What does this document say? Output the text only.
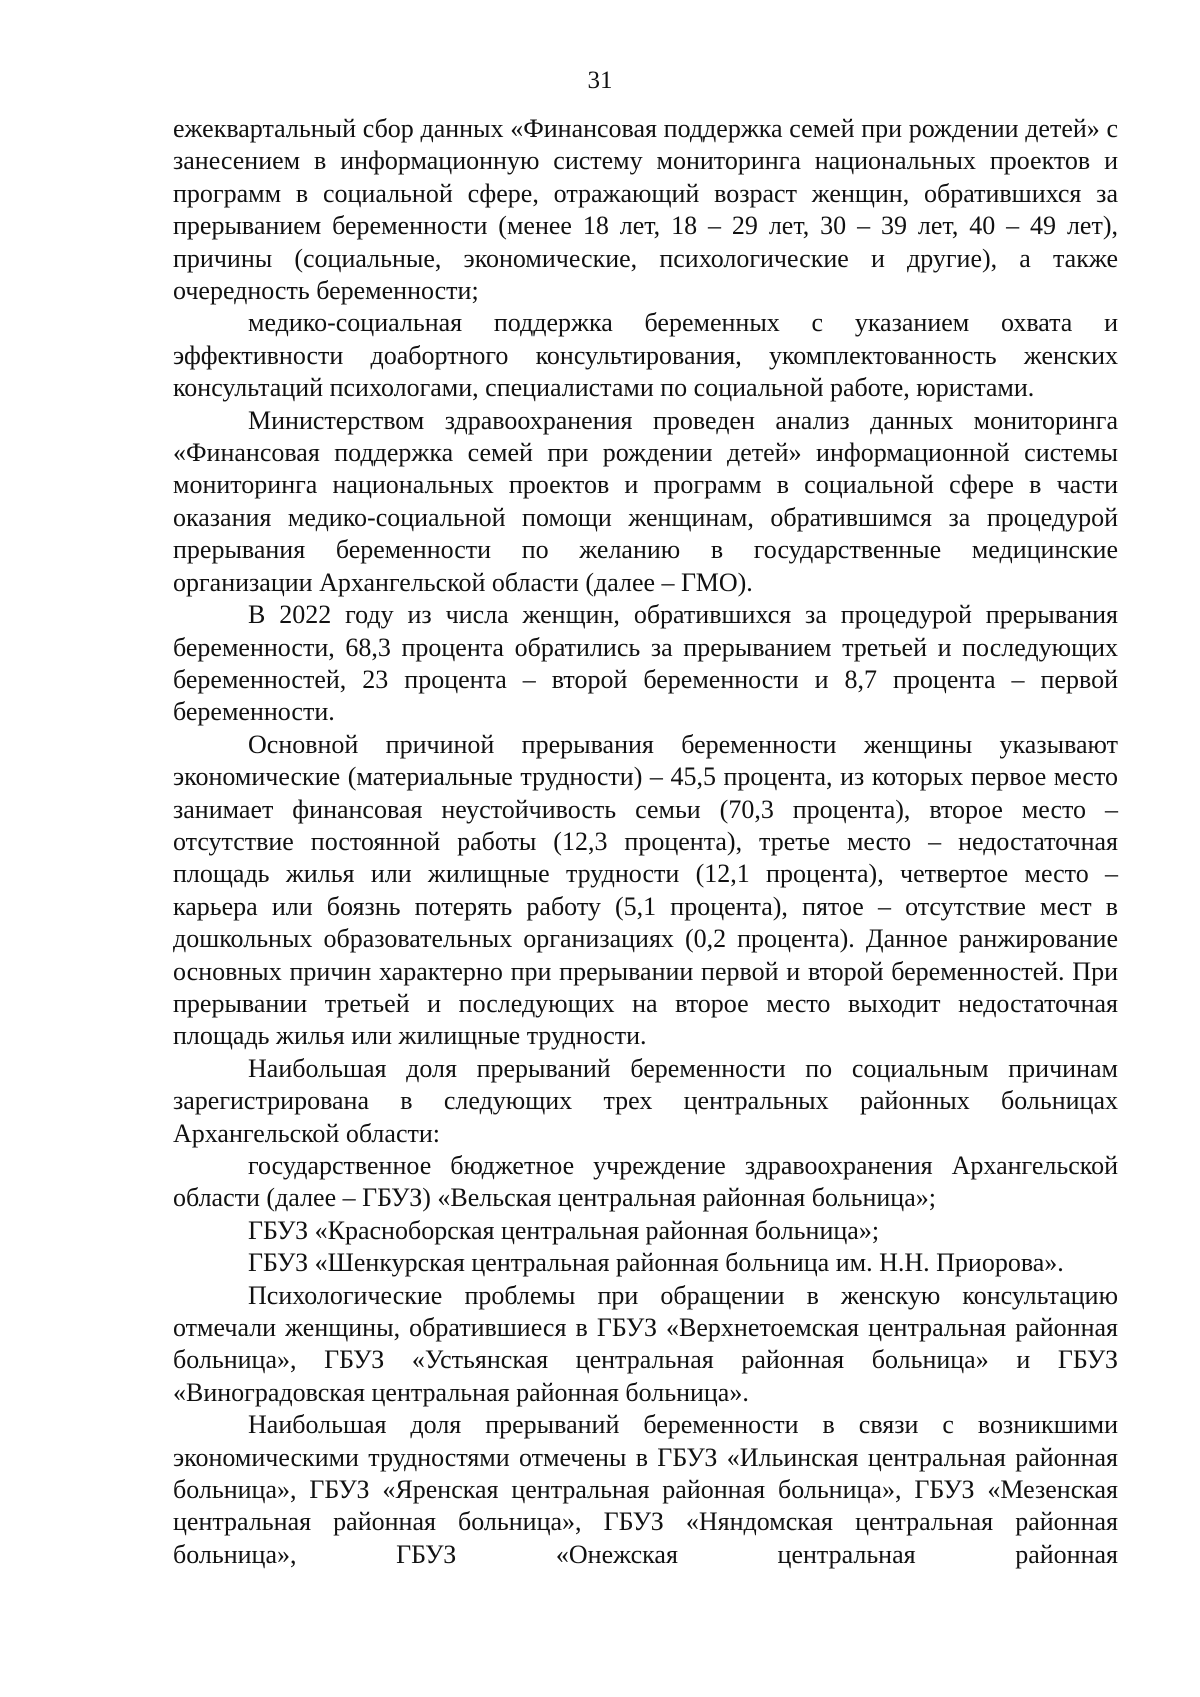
31

ежеквартальный сбор данных «Финансовая поддержка семей при рождении детей» с занесением в информационную систему мониторинга национальных проектов и программ в социальной сфере, отражающий возраст женщин, обратившихся за прерыванием беременности (менее 18 лет, 18 – 29 лет, 30 – 39 лет, 40 – 49 лет), причины (социальные, экономические, психологические и другие), а также очередность беременности;

медико-социальная поддержка беременных с указанием охвата и эффективности доабортного консультирования, укомплектованность женских консультаций психологами, специалистами по социальной работе, юристами.

Министерством здравоохранения проведен анализ данных мониторинга «Финансовая поддержка семей при рождении детей» информационной системы мониторинга национальных проектов и программ в социальной сфере в части оказания медико-социальной помощи женщинам, обратившимся за процедурой прерывания беременности по желанию в государственные медицинские организации Архангельской области (далее – ГМО).

В 2022 году из числа женщин, обратившихся за процедурой прерывания беременности, 68,3 процента обратились за прерыванием третьей и последующих беременностей, 23 процента – второй беременности и 8,7 процента – первой беременности.

Основной причиной прерывания беременности женщины указывают экономические (материальные трудности) – 45,5 процента, из которых первое место занимает финансовая неустойчивость семьи (70,3 процента), второе место – отсутствие постоянной работы (12,3 процента), третье место – недостаточная площадь жилья или жилищные трудности (12,1 процента), четвертое место – карьера или боязнь потерять работу (5,1 процента), пятое – отсутствие мест в дошкольных образовательных организациях (0,2 процента). Данное ранжирование основных причин характерно при прерывании первой и второй беременностей. При прерывании третьей и последующих на второе место выходит недостаточная площадь жилья или жилищные трудности.

Наибольшая доля прерываний беременности по социальным причинам зарегистрирована в следующих трех центральных районных больницах Архангельской области:

государственное бюджетное учреждение здравоохранения Архангельской области (далее – ГБУЗ) «Вельская центральная районная больница»;

ГБУЗ «Красноборская центральная районная больница»;

ГБУЗ «Шенкурская центральная районная больница им. Н.Н. Приорова».

Психологические проблемы при обращении в женскую консультацию отмечали женщины, обратившиеся в ГБУЗ «Верхнетоемская центральная районная больница», ГБУЗ «Устьянская центральная районная больница» и ГБУЗ «Виноградовская центральная районная больница».

Наибольшая доля прерываний беременности в связи с возникшими экономическими трудностями отмечены в ГБУЗ «Ильинская центральная районная больница», ГБУЗ «Яренская центральная районная больница», ГБУЗ «Мезенская центральная районная больница», ГБУЗ «Няндомская центральная районная больница», ГБУЗ «Онежская центральная районная
